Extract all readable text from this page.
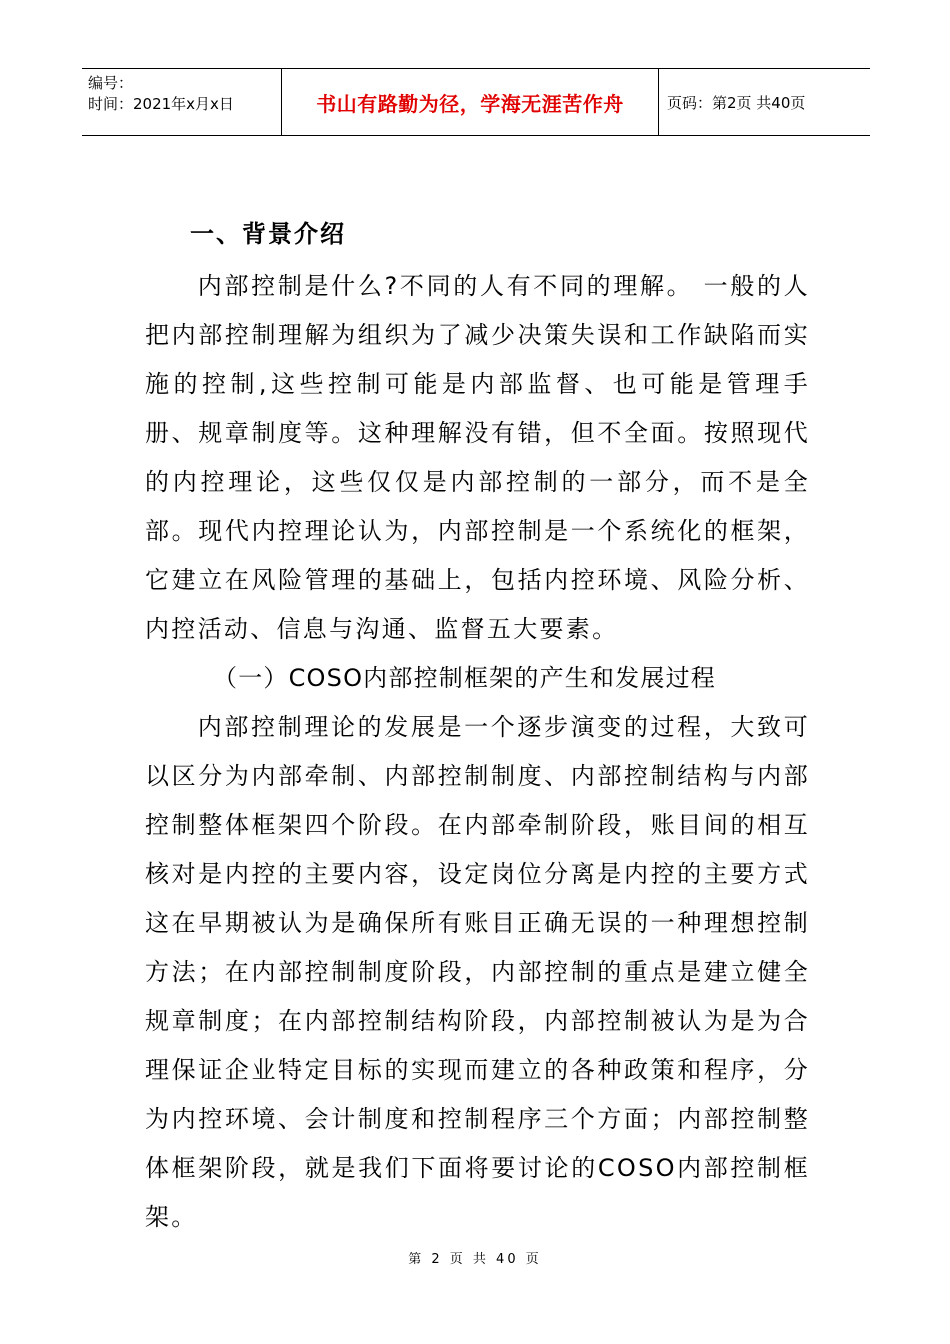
编号：
时间：2021年x月x日	书山有路勤为径，学海无涯苦作舟	页码：第2页 共40页
一、背景介绍

内部控制是什么?不同的人有不同的理解。 一般的人把内部控制理解为组织为了减少决策失误和工作缺陷而实施的控制,这些控制可能是内部监督、也可能是管理手册、规章制度等。这种理解没有错，但不全面。按照现代的内控理论，这些仅仅是内部控制的一部分，而不是全部。现代内控理论认为，内部控制是一个系统化的框架，它建立在风险管理的基础上，包括内控环境、风险分析、内控活动、信息与沟通、监督五大要素。

（一）COSO内部控制框架的产生和发展过程

内部控制理论的发展是一个逐步演变的过程，大致可以区分为内部牵制、内部控制制度、内部控制结构与内部控制整体框架四个阶段。在内部牵制阶段，账目间的相互核对是内控的主要内容，设定岗位分离是内控的主要方式这在早期被认为是确保所有账目正确无误的一种理想控制方法；在内部控制制度阶段，内部控制的重点是建立健全规章制度；在内部控制结构阶段，内部控制被认为是为合理保证企业特定目标的实现而建立的各种政策和程序，分为内控环境、会计制度和控制程序三个方面；内部控制整体框架阶段，就是我们下面将要讨论的COSO内部控制框架。

第 2 页 共 40 页
